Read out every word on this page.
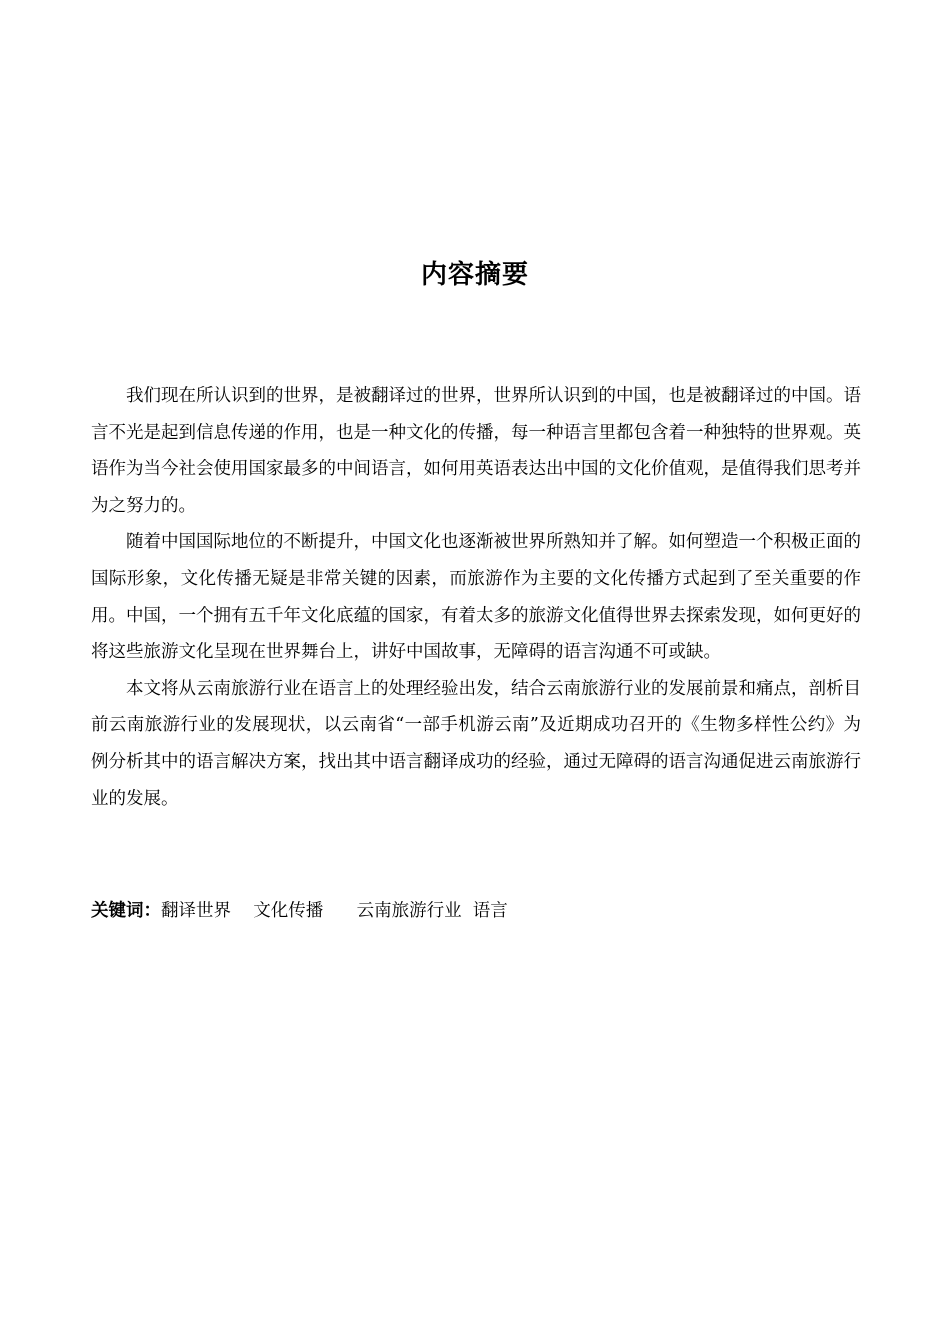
内容摘要

我们现在所认识到的世界，是被翻译过的世界，世界所认识到的中国，也是被翻译过的中国。语言不光是起到信息传递的作用，也是一种文化的传播，每一种语言里都包含着一种独特的世界观。英语作为当今社会使用国家最多的中间语言，如何用英语表达出中国的文化价值观，是值得我们思考并为之努力的。

随着中国国际地位的不断提升，中国文化也逐渐被世界所熟知并了解。如何塑造一个积极正面的国际形象，文化传播无疑是非常关键的因素，而旅游作为主要的文化传播方式起到了至关重要的作用。中国，一个拥有五千年文化底蕴的国家，有着太多的旅游文化值得世界去探索发现，如何更好的将这些旅游文化呈现在世界舞台上，讲好中国故事，无障碍的语言沟通不可或缺。

本文将从云南旅游行业在语言上的处理经验出发，结合云南旅游行业的发展前景和痛点，剖析目前云南旅游行业的发展现状，以云南省“一部手机游云南”及近期成功召开的《生物多样性公约》为例分析其中的语言解决方案，找出其中语言翻译成功的经验，通过无障碍的语言沟通促进云南旅游行业的发展。

关键词：翻译世界    文化传播      云南旅游行业  语言
